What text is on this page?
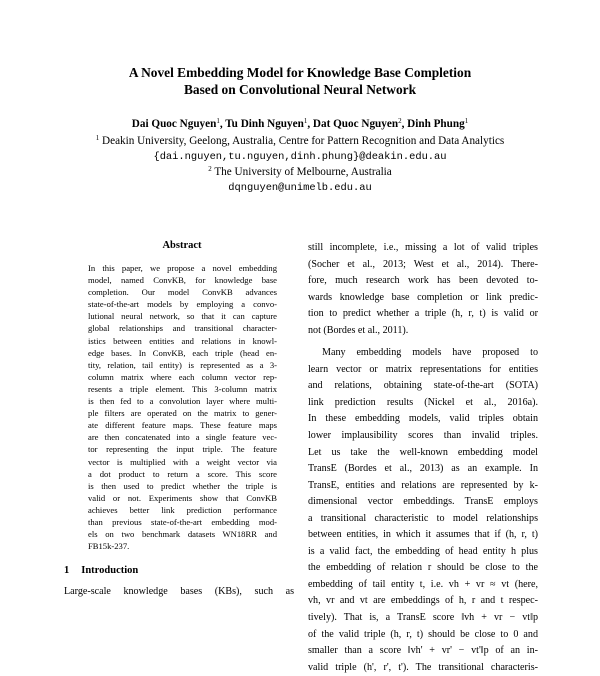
A Novel Embedding Model for Knowledge Base Completion
Based on Convolutional Neural Network
Dai Quoc Nguyen$^1$, Tu Dinh Nguyen$^1$, Dat Quoc Nguyen$^2$, Dinh Phung$^1$
$^1$ Deakin University, Geelong, Australia, Centre for Pattern Recognition and Data Analytics
{dai.nguyen,tu.nguyen,dinh.phung}@deakin.edu.au
$^2$ The University of Melbourne, Australia
dqnguyen@unimelb.edu.au
Abstract
In this paper, we propose a novel embedding
model, named ConvKB, for knowledge base
completion. Our model ConvKB advances
state-of-the-art models by employing a convo-
lutional neural network, so that it can capture
global relationships and transitional character-
istics between entities and relations in knowl-
edge bases. In ConvKB, each triple (head en-
tity, relation, tail entity) is represented as a 3-
column matrix where each column vector rep-
resents a triple element. This 3-column matrix
is then fed to a convolution layer where multi-
ple filters are operated on the matrix to gener-
ate different feature maps. These feature maps
are then concatenated into a single feature vec-
tor representing the input triple. The feature
vector is multiplied with a weight vector via
a dot product to return a score. This score
is then used to predict whether the triple is
valid or not. Experiments show that ConvKB
achieves better link prediction performance
than previous state-of-the-art embedding mod-
els on two benchmark datasets WN18RR and
FB15k-237.
still incomplete, i.e., missing a lot of valid triples
(Socher et al., 2013; West et al., 2014). There-
fore, much research work has been devoted to-
wards knowledge base completion or link predic-
tion to predict whether a triple (h, r, t) is valid or
not (Bordes et al., 2011).
Many embedding models have proposed to
learn vector or matrix representations for entities
and relations, obtaining state-of-the-art (SOTA)
link prediction results (Nickel et al., 2016a).
In these embedding models, valid triples obtain
lower implausibility scores than invalid triples.
Let us take the well-known embedding model
TransE (Bordes et al., 2013) as an example. In
TransE, entities and relations are represented by k-
dimensional vector embeddings. TransE employs
a transitional characteristic to model relationships
between entities, in which it assumes that if (h, r, t)
is a valid fact, the embedding of head entity h plus
the embedding of relation r should be close to the
embedding of tail entity t, i.e. vh + vr ≈ vt (here,
vh, vr and vt are embeddings of h, r and t respec-
tively). That is, a TransE score ‖vh + vr − vt‖p
of the valid triple (h, r, t) should be close to 0 and
smaller than a score ‖vh' + vr' − vt'‖p of an in-
valid triple (h', r', t'). The transitional characteris-
1 Introduction
Large-scale knowledge bases (KBs), such as
